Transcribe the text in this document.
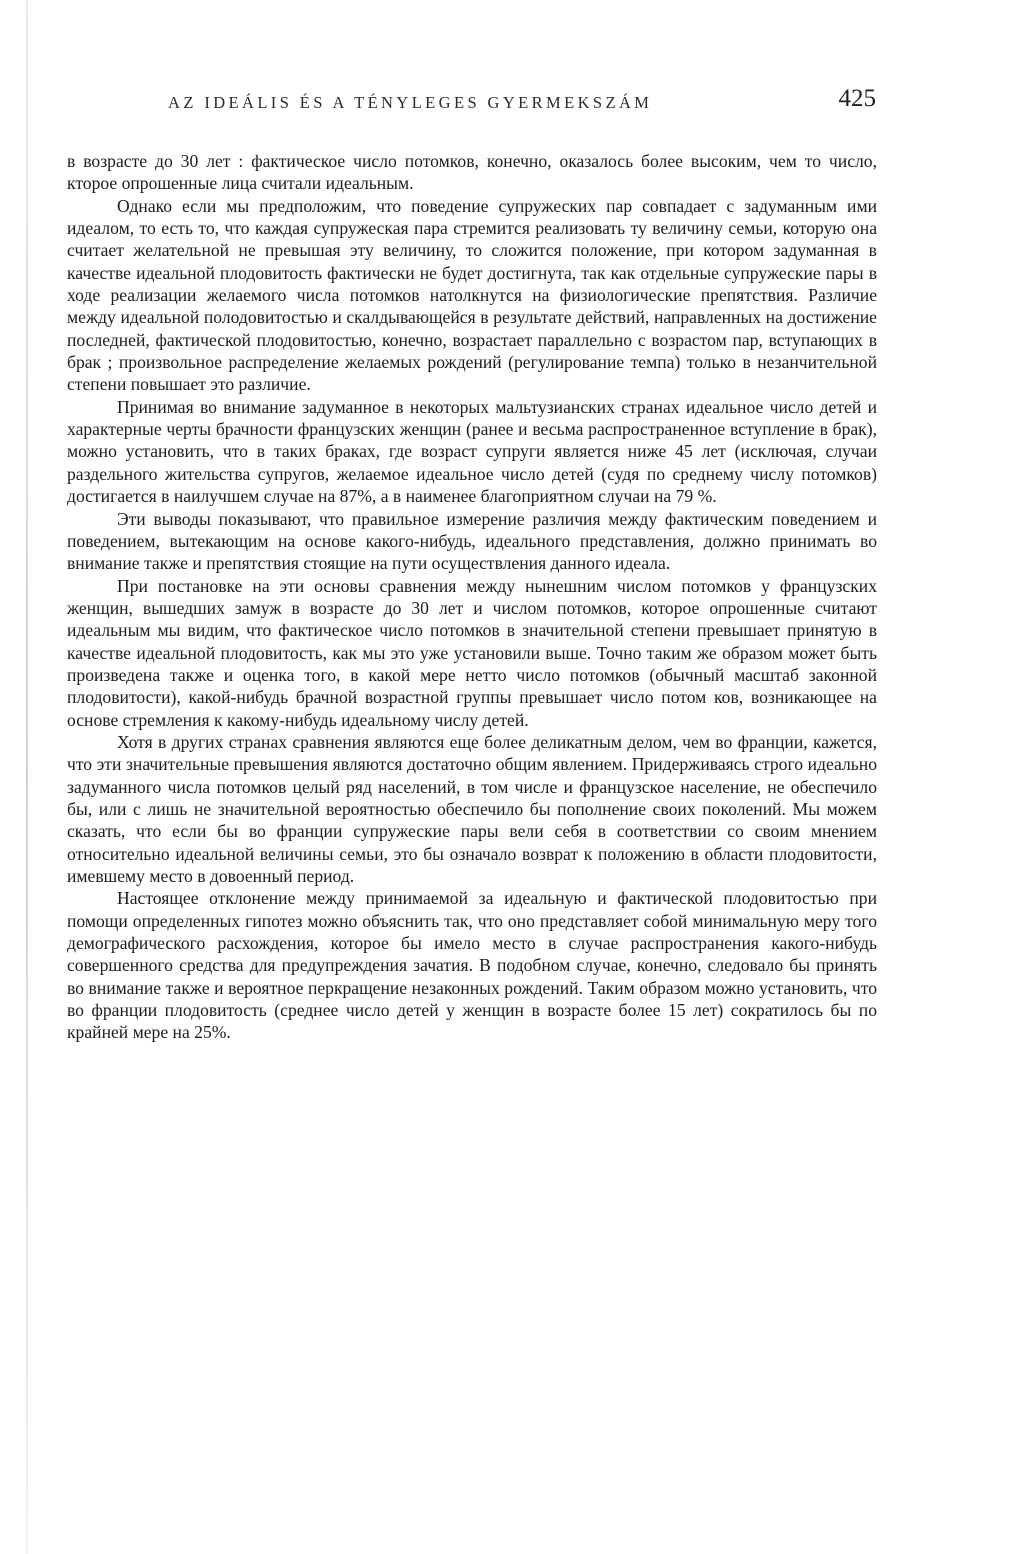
AZ IDEÁLIS ÉS A TÉNYLEGES GYERMEKSZÁM	425

в возрасте до 30 лет : фактическое число потомков, конечно, оказалось более высоким, чем то число, кторое опрошенные лица считали идеальным.

Однако если мы предположим, что поведение супружеских пар совпадает с задуманным ими идеалом, то есть то, что каждая супружеская пара стремится реализовать ту величину семьи, которую она считает желательной не превышая эту величину, то сложится положение, при котором задуманная в качестве идеальной плодовитость фактически не будет достигнута, так как отдельные супружеские пары в ходе реализации желаемого числа потомков натолкнутся на физиологические препятствия. Различие между идеальной полодовитостью и скалдывающейся в результате действий, направленных на достижение последней, фактической плодовитостью, конечно, возрастает параллельно с возрастом пар, вступающих в брак ; произвольное распределение желаемых рождений (регулирование темпа) только в незанчительной степени повышает это различие.

Принимая во внимание задуманное в некоторых мальтузианских странах идеальное число детей и характерные черты брачности французских женщин (ранее и весьма распространенное вступление в брак), можно установить, что в таких браках, где возраст супруги является ниже 45 лет (исключая, случаи раздельного жительства супругов, желаемое идеальное число детей (судя по среднему числу потомков) достигается в наилучшем случае на 87%, а в наименее благоприятном случаи на 79 %.

Эти выводы показывают, что правильное измерение различия между фактическим поведением и поведением, вытекающим на основе какого-нибудь, идеального представления, должно принимать во внимание также и препятствия стоящие на пути осуществления данного идеала.

При постановке на эти основы сравнения между нынешним числом потомков у французских женщин, вышедших замуж в возрасте до 30 лет и числом потомков, которое опрошенные считают идеальным мы видим, что фактическое число потомков в значительной степени превышает принятую в качестве идеальной плодовитость, как мы это уже установили выше. Точно таким же образом может быть произведена также и оценка того, в какой мере нетто число потомков (обычный масштаб законной плодовитости), какой-нибудь брачной возрастной группы превышает число потом ков, возникающее на основе стремления к какому-нибудь идеальному числу детей.

Хотя в других странах сравнения являются еще более деликатным делом, чем во франции, кажется, что эти значительные превышения являются достаточно общим явлением. Придерживаясь строго идеально задуманного числа потомков целый ряд населений, в том числе и французское население, не обеспечило бы, или с лишь не значительной вероятностью обеспечило бы пополнение своих поколений. Мы можем сказать, что если бы во франции супружеские пары вели себя в соответствии со своим мнением относительно идеальной величины семьи, это бы означало возврат к положению в области плодовитости, имевшему место в довоенный период.

Настоящее отклонение между принимаемой за идеальную и фактической плодовитостью при помощи определенных гипотез можно объяснить так, что оно представляет собой минимальную меру того демографического расхождения, которое бы имело место в случае распространения какого-нибудь совершенного средства для предупреждения зачатия. В подобном случае, конечно, следовало бы принять во внимание также и вероятное перкращение незаконных рождений. Таким образом можно установить, что во франции плодовитость (среднее число детей у женщин в возрасте более 15 лет) сократилось бы по крайней мере на 25%.
